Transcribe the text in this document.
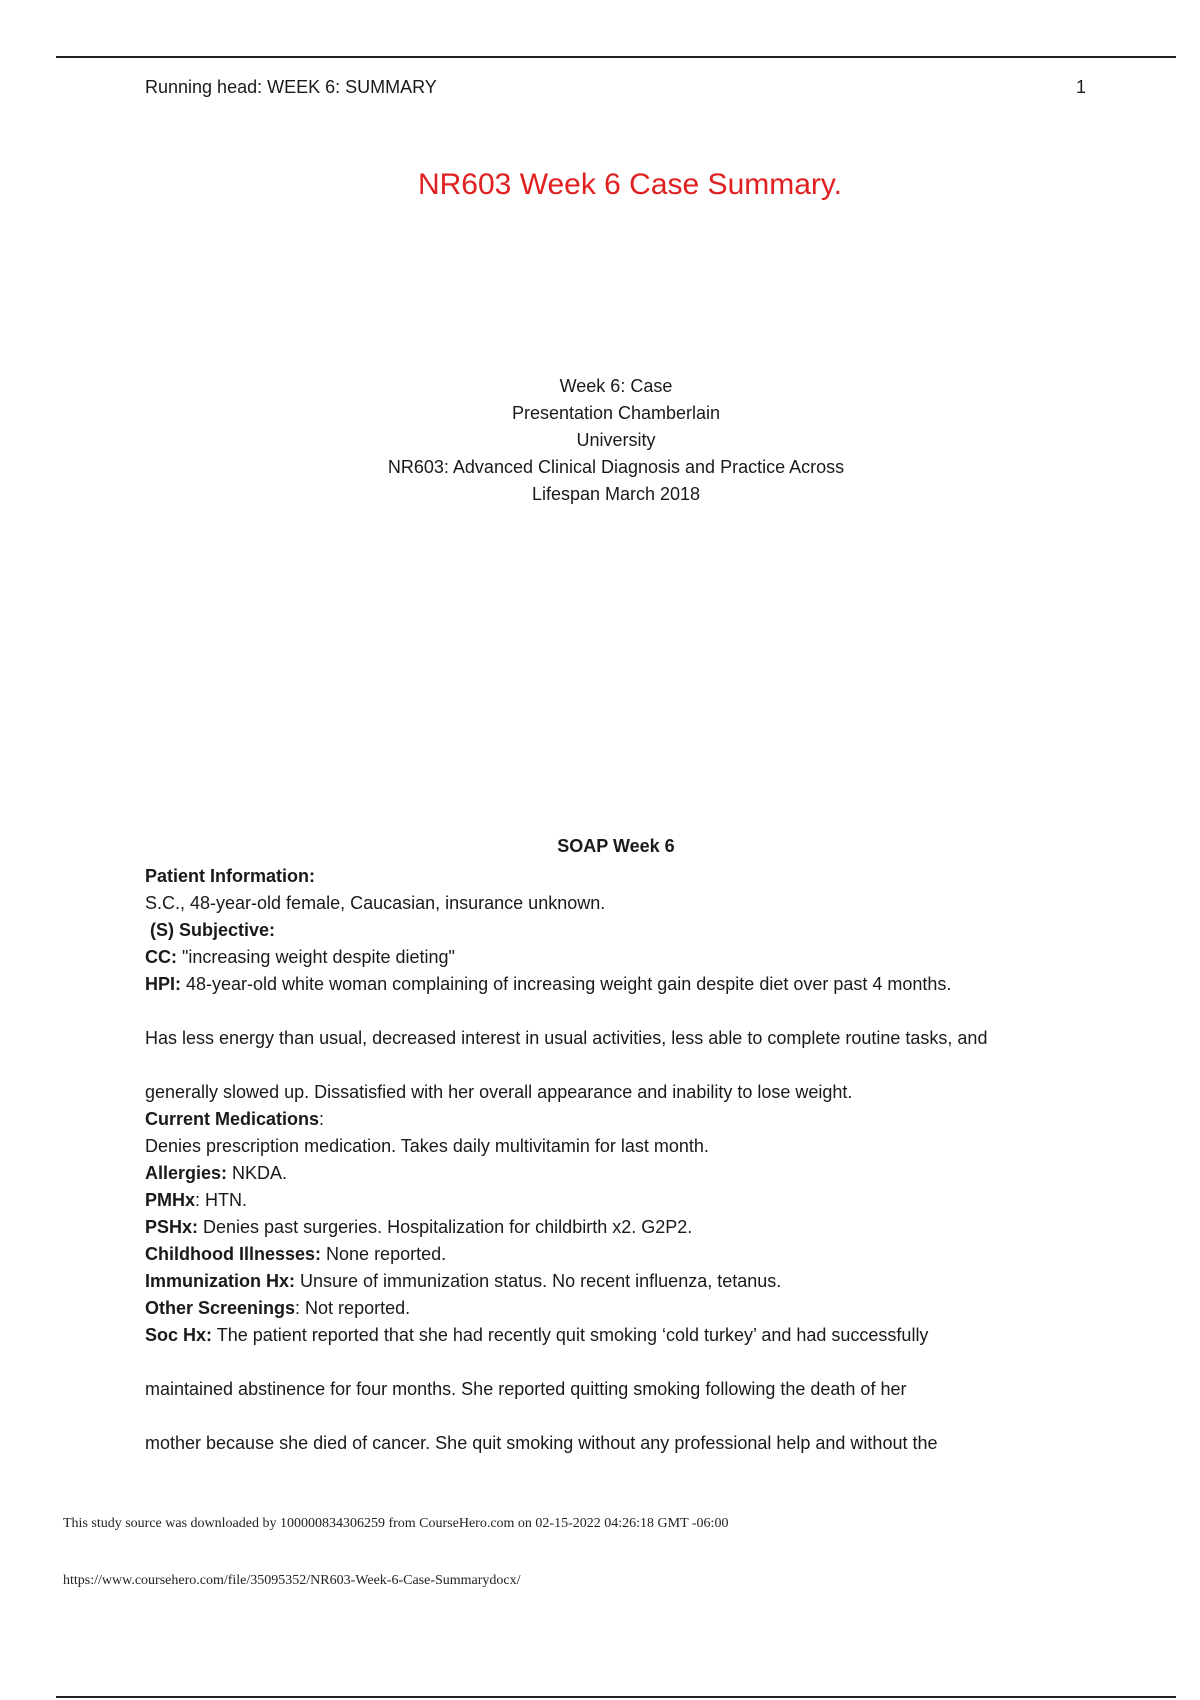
Running head: WEEK 6: SUMMARY	1
NR603 Week 6 Case Summary.
Week 6: Case
Presentation Chamberlain
University
NR603: Advanced Clinical Diagnosis and Practice Across
Lifespan March 2018
SOAP Week 6
Patient Information:
S.C., 48-year-old female, Caucasian, insurance unknown.
(S) Subjective:
CC: "increasing weight despite dieting"
HPI: 48-year-old white woman complaining of increasing weight gain despite diet over past 4 months.
Has less energy than usual, decreased interest in usual activities, less able to complete routine tasks, and
generally slowed up. Dissatisfied with her overall appearance and inability to lose weight.
Current Medications:
Denies prescription medication. Takes daily multivitamin for last month.
Allergies: NKDA.
PMHx: HTN.
PSHx: Denies past surgeries. Hospitalization for childbirth x2. G2P2.
Childhood Illnesses: None reported.
Immunization Hx: Unsure of immunization status. No recent influenza, tetanus.
Other Screenings: Not reported.
Soc Hx: The patient reported that she had recently quit smoking ‘cold turkey’ and had successfully
maintained abstinence for four months. She reported quitting smoking following the death of her
mother because she died of cancer. She quit smoking without any professional help and without the
This study source was downloaded by 100000834306259 from CourseHero.com on 02-15-2022 04:26:18 GMT -06:00
https://www.coursehero.com/file/35095352/NR603-Week-6-Case-Summarydocx/
